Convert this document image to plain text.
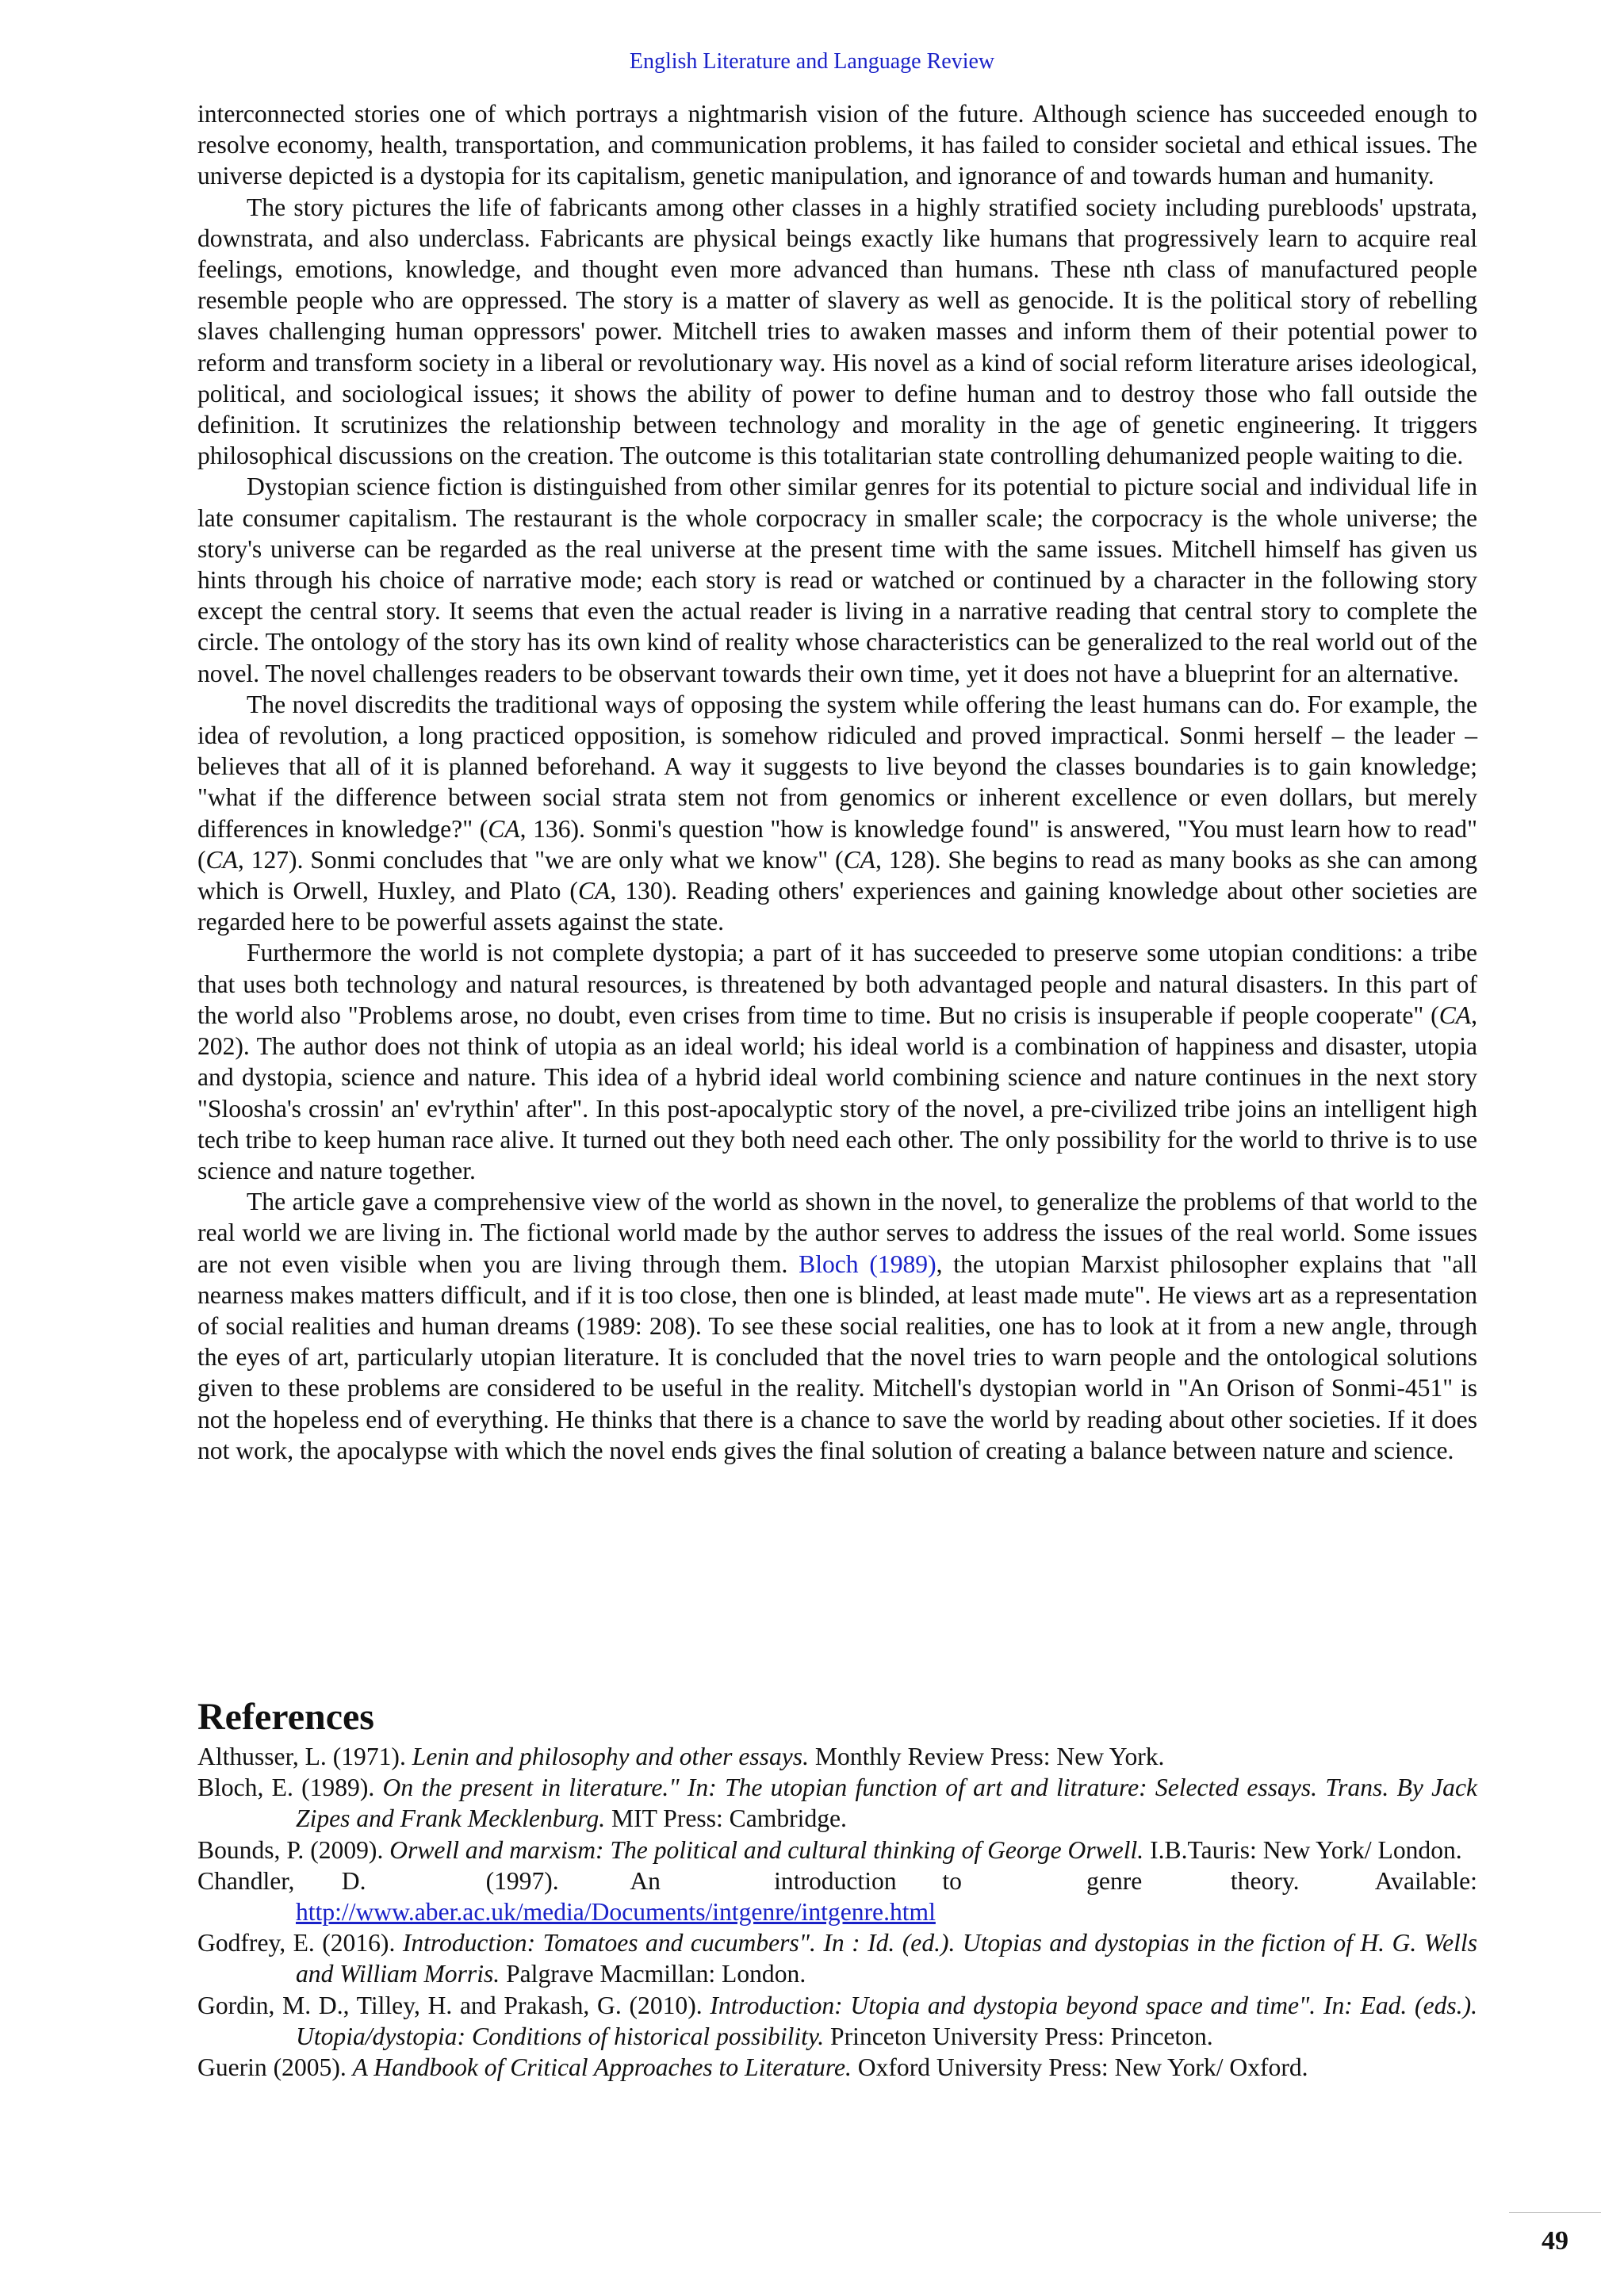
English Literature and Language Review

interconnected stories one of which portrays a nightmarish vision of the future. Although science has succeeded enough to resolve economy, health, transportation, and communication problems, it has failed to consider societal and ethical issues. The universe depicted is a dystopia for its capitalism, genetic manipulation, and ignorance of and towards human and humanity.

The story pictures the life of fabricants among other classes in a highly stratified society including purebloods' upstrata, downstrata, and also underclass. Fabricants are physical beings exactly like humans that progressively learn to acquire real feelings, emotions, knowledge, and thought even more advanced than humans. These nth class of manufactured people resemble people who are oppressed. The story is a matter of slavery as well as genocide. It is the political story of rebelling slaves challenging human oppressors' power. Mitchell tries to awaken masses and inform them of their potential power to reform and transform society in a liberal or revolutionary way. His novel as a kind of social reform literature arises ideological, political, and sociological issues; it shows the ability of power to define human and to destroy those who fall outside the definition. It scrutinizes the relationship between technology and morality in the age of genetic engineering. It triggers philosophical discussions on the creation. The outcome is this totalitarian state controlling dehumanized people waiting to die.

Dystopian science fiction is distinguished from other similar genres for its potential to picture social and individual life in late consumer capitalism. The restaurant is the whole corpocracy in smaller scale; the corpocracy is the whole universe; the story's universe can be regarded as the real universe at the present time with the same issues. Mitchell himself has given us hints through his choice of narrative mode; each story is read or watched or continued by a character in the following story except the central story. It seems that even the actual reader is living in a narrative reading that central story to complete the circle. The ontology of the story has its own kind of reality whose characteristics can be generalized to the real world out of the novel. The novel challenges readers to be observant towards their own time, yet it does not have a blueprint for an alternative.

The novel discredits the traditional ways of opposing the system while offering the least humans can do. For example, the idea of revolution, a long practiced opposition, is somehow ridiculed and proved impractical. Sonmi herself – the leader – believes that all of it is planned beforehand. A way it suggests to live beyond the classes boundaries is to gain knowledge; "what if the difference between social strata stem not from genomics or inherent excellence or even dollars, but merely differences in knowledge?" (CA, 136). Sonmi's question "how is knowledge found" is answered, "You must learn how to read" (CA, 127). Sonmi concludes that "we are only what we know" (CA, 128). She begins to read as many books as she can among which is Orwell, Huxley, and Plato (CA, 130). Reading others' experiences and gaining knowledge about other societies are regarded here to be powerful assets against the state.

Furthermore the world is not complete dystopia; a part of it has succeeded to preserve some utopian conditions: a tribe that uses both technology and natural resources, is threatened by both advantaged people and natural disasters. In this part of the world also "Problems arose, no doubt, even crises from time to time. But no crisis is insuperable if people cooperate" (CA, 202). The author does not think of utopia as an ideal world; his ideal world is a combination of happiness and disaster, utopia and dystopia, science and nature. This idea of a hybrid ideal world combining science and nature continues in the next story "Sloosha's crossin' an' ev'rythin' after". In this post-apocalyptic story of the novel, a pre-civilized tribe joins an intelligent high tech tribe to keep human race alive. It turned out they both need each other. The only possibility for the world to thrive is to use science and nature together.

The article gave a comprehensive view of the world as shown in the novel, to generalize the problems of that world to the real world we are living in. The fictional world made by the author serves to address the issues of the real world. Some issues are not even visible when you are living through them. Bloch (1989), the utopian Marxist philosopher explains that "all nearness makes matters difficult, and if it is too close, then one is blinded, at least made mute". He views art as a representation of social realities and human dreams (1989: 208). To see these social realities, one has to look at it from a new angle, through the eyes of art, particularly utopian literature. It is concluded that the novel tries to warn people and the ontological solutions given to these problems are considered to be useful in the reality. Mitchell's dystopian world in "An Orison of Sonmi-451" is not the hopeless end of everything. He thinks that there is a chance to save the world by reading about other societies. If it does not work, the apocalypse with which the novel ends gives the final solution of creating a balance between nature and science.

References

Althusser, L. (1971). Lenin and philosophy and other essays. Monthly Review Press: New York.

Bloch, E. (1989). On the present in literature." In: The utopian function of art and litrature: Selected essays. Trans. By Jack Zipes and Frank Mecklenburg. MIT Press: Cambridge.

Bounds, P. (2009). Orwell and marxism: The political and cultural thinking of George Orwell. I.B.Tauris: New York/ London.

Chandler, D.	(1997).	An	introduction to	genre	theory.	Available:
http://www.aber.ac.uk/media/Documents/intgenre/intgenre.html

Godfrey, E. (2016). Introduction: Tomatoes and cucumbers". In : Id. (ed.). Utopias and dystopias in the fiction of H. G. Wells and William Morris. Palgrave Macmillan: London.

Gordin, M. D., Tilley, H. and Prakash, G. (2010). Introduction: Utopia and dystopia beyond space and time". In: Ead. (eds.). Utopia/dystopia: Conditions of historical possibility. Princeton University Press: Princeton.

Guerin (2005). A Handbook of Critical Approaches to Literature. Oxford University Press: New York/ Oxford.

49
